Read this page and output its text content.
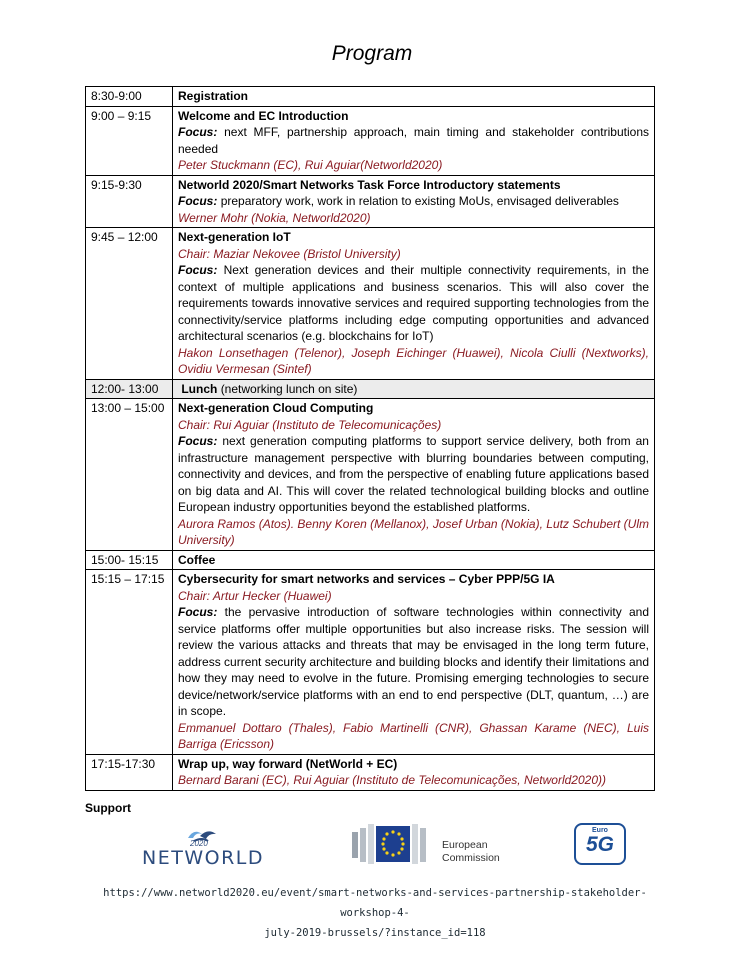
Program
8:30-9:00	Registration

9:00 – 9:15	Welcome and EC Introduction
Focus: next MFF, partnership approach, main timing and stakeholder contributions needed
Peter Stuckmann (EC), Rui Aguiar(Networld2020)

9:15-9:30	Networld 2020/Smart Networks Task Force Introductory statements
Focus: preparatory work, work in relation to existing MoUs, envisaged deliverables
Werner Mohr (Nokia, Networld2020)

9:45 – 12:00	Next-generation IoT
Chair: Maziar Nekovee (Bristol University)
Focus: Next generation devices and their multiple connectivity requirements, in the context of multiple applications and business scenarios. This will also cover the requirements towards innovative services and required supporting technologies from the connectivity/service platforms including edge computing opportunities and advanced architectural scenarios (e.g. blockchains for IoT)
Hakon Lonsethagen (Telenor), Joseph Eichinger (Huawei), Nicola Ciulli (Nextworks), Ovidiu Vermesan (Sintef)

12:00- 13:00	Lunch (networking lunch on site)
13:00 – 15:00	Next-generation Cloud Computing
Chair: Rui Aguiar (Instituto de Telecomunicações)
Focus: next generation computing platforms to support service delivery, both from an infrastructure management perspective with blurring boundaries between computing, connectivity and devices, and from the perspective of enabling future applications based on big data and AI. This will cover the related technological building blocks and outline European industry opportunities beyond the established platforms.
Aurora Ramos (Atos). Benny Koren (Mellanox), Josef Urban (Nokia), Lutz Schubert (Ulm University)

15:00- 15:15	Coffee

15:15 – 17:15	Cybersecurity for smart networks and services – Cyber PPP/5G IA
Chair: Artur Hecker (Huawei)
Focus: the pervasive introduction of software technologies within connectivity and service platforms offer multiple opportunities but also increase risks. The session will review the various attacks and threats that may be envisaged in the long term future, address current security architecture and building blocks and identify their limitations and how they may need to evolve in the future. Promising emerging technologies to secure device/network/service platforms with an end to end perspective (DLT, quantum, …) are in scope.
Emmanuel Dottaro (Thales), Fabio Martinelli (CNR), Ghassan Karame (NEC), Luis Barriga (Ericsson)

17:15-17:30	Wrap up, way forward (NetWorld + EC)
Bernard Barani (EC), Rui Aguiar (Instituto de Telecomunicações, Networld2020))
Support
2020
NETWORLD
European
Commission
Euro
5G
https://www.networld2020.eu/event/smart-networks-and-services-partnership-stakeholder-workshop-4-
july-2019-brussels/?instance_id=118
